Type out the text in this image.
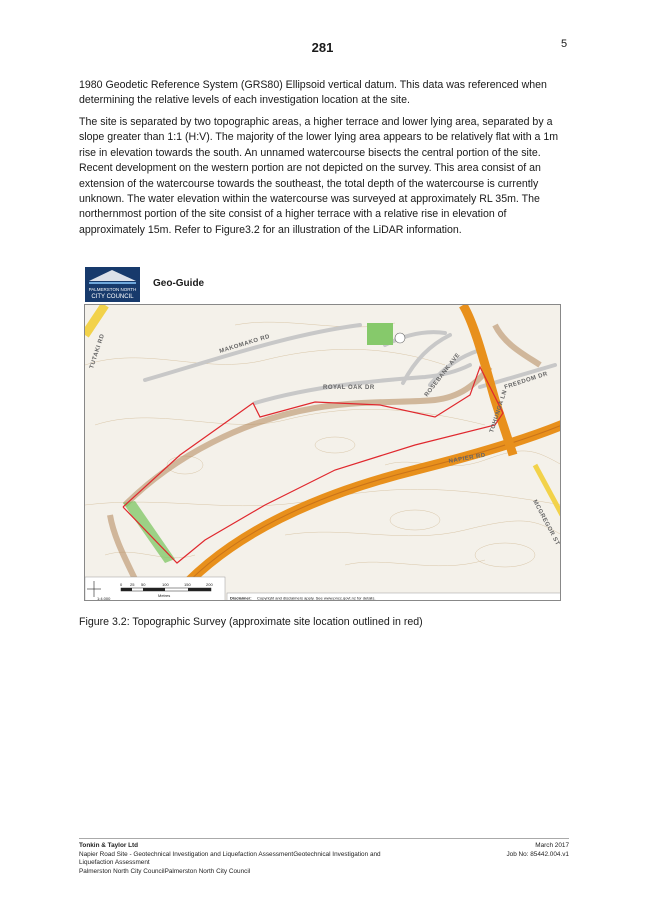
281	5

1980 Geodetic Reference System (GRS80) Ellipsoid vertical datum. This data was referenced when determining the relative levels of each investigation location at the site.

The site is separated by two topographic areas, a higher terrace and lower lying area, separated by a slope greater than 1:1 (H:V). The majority of the lower lying area appears to be relatively flat with a 1m rise in elevation towards the south. An unnamed watercourse bisects the central portion of the site. Recent development on the western portion are not depicted on the survey. This area consist of an extension of the watercourse towards the southeast, the total depth of the watercourse is currently unknown. The water elevation within the watercourse was surveyed at approximately RL 35m. The northernmost portion of the site consist of a higher terrace with a relative rise in elevation of approximately 15m. Refer to Figure3.2 for an illustration of the LiDAR information.

PALMERSTON NORTH
CITY COUNCIL
Geo-Guide
MAKOMAKO RD
ROYAL OAK DR	ROSEBANK AVE	FREEDOM DR
NAPIER RD
TUTAKI RD
TOHUNGA LN
MCGREGOR ST
0 25 50	100	150	200
Metres
1:4,000	Disclaimer: Copyright and disclaimers apply. See www.pncc.govt.nz for details.

Figure 3.2: Topographic Survey (approximate site location outlined in red)

Tonkin & Taylor Ltd
Napier Road Site - Geotechnical Investigation and Liquefaction AssessmentGeotechnical Investigation and
Liquefaction Assessment
Palmerston North City CouncilPalmerston North City Council
March 2017
Job No: 85442.004.v1
